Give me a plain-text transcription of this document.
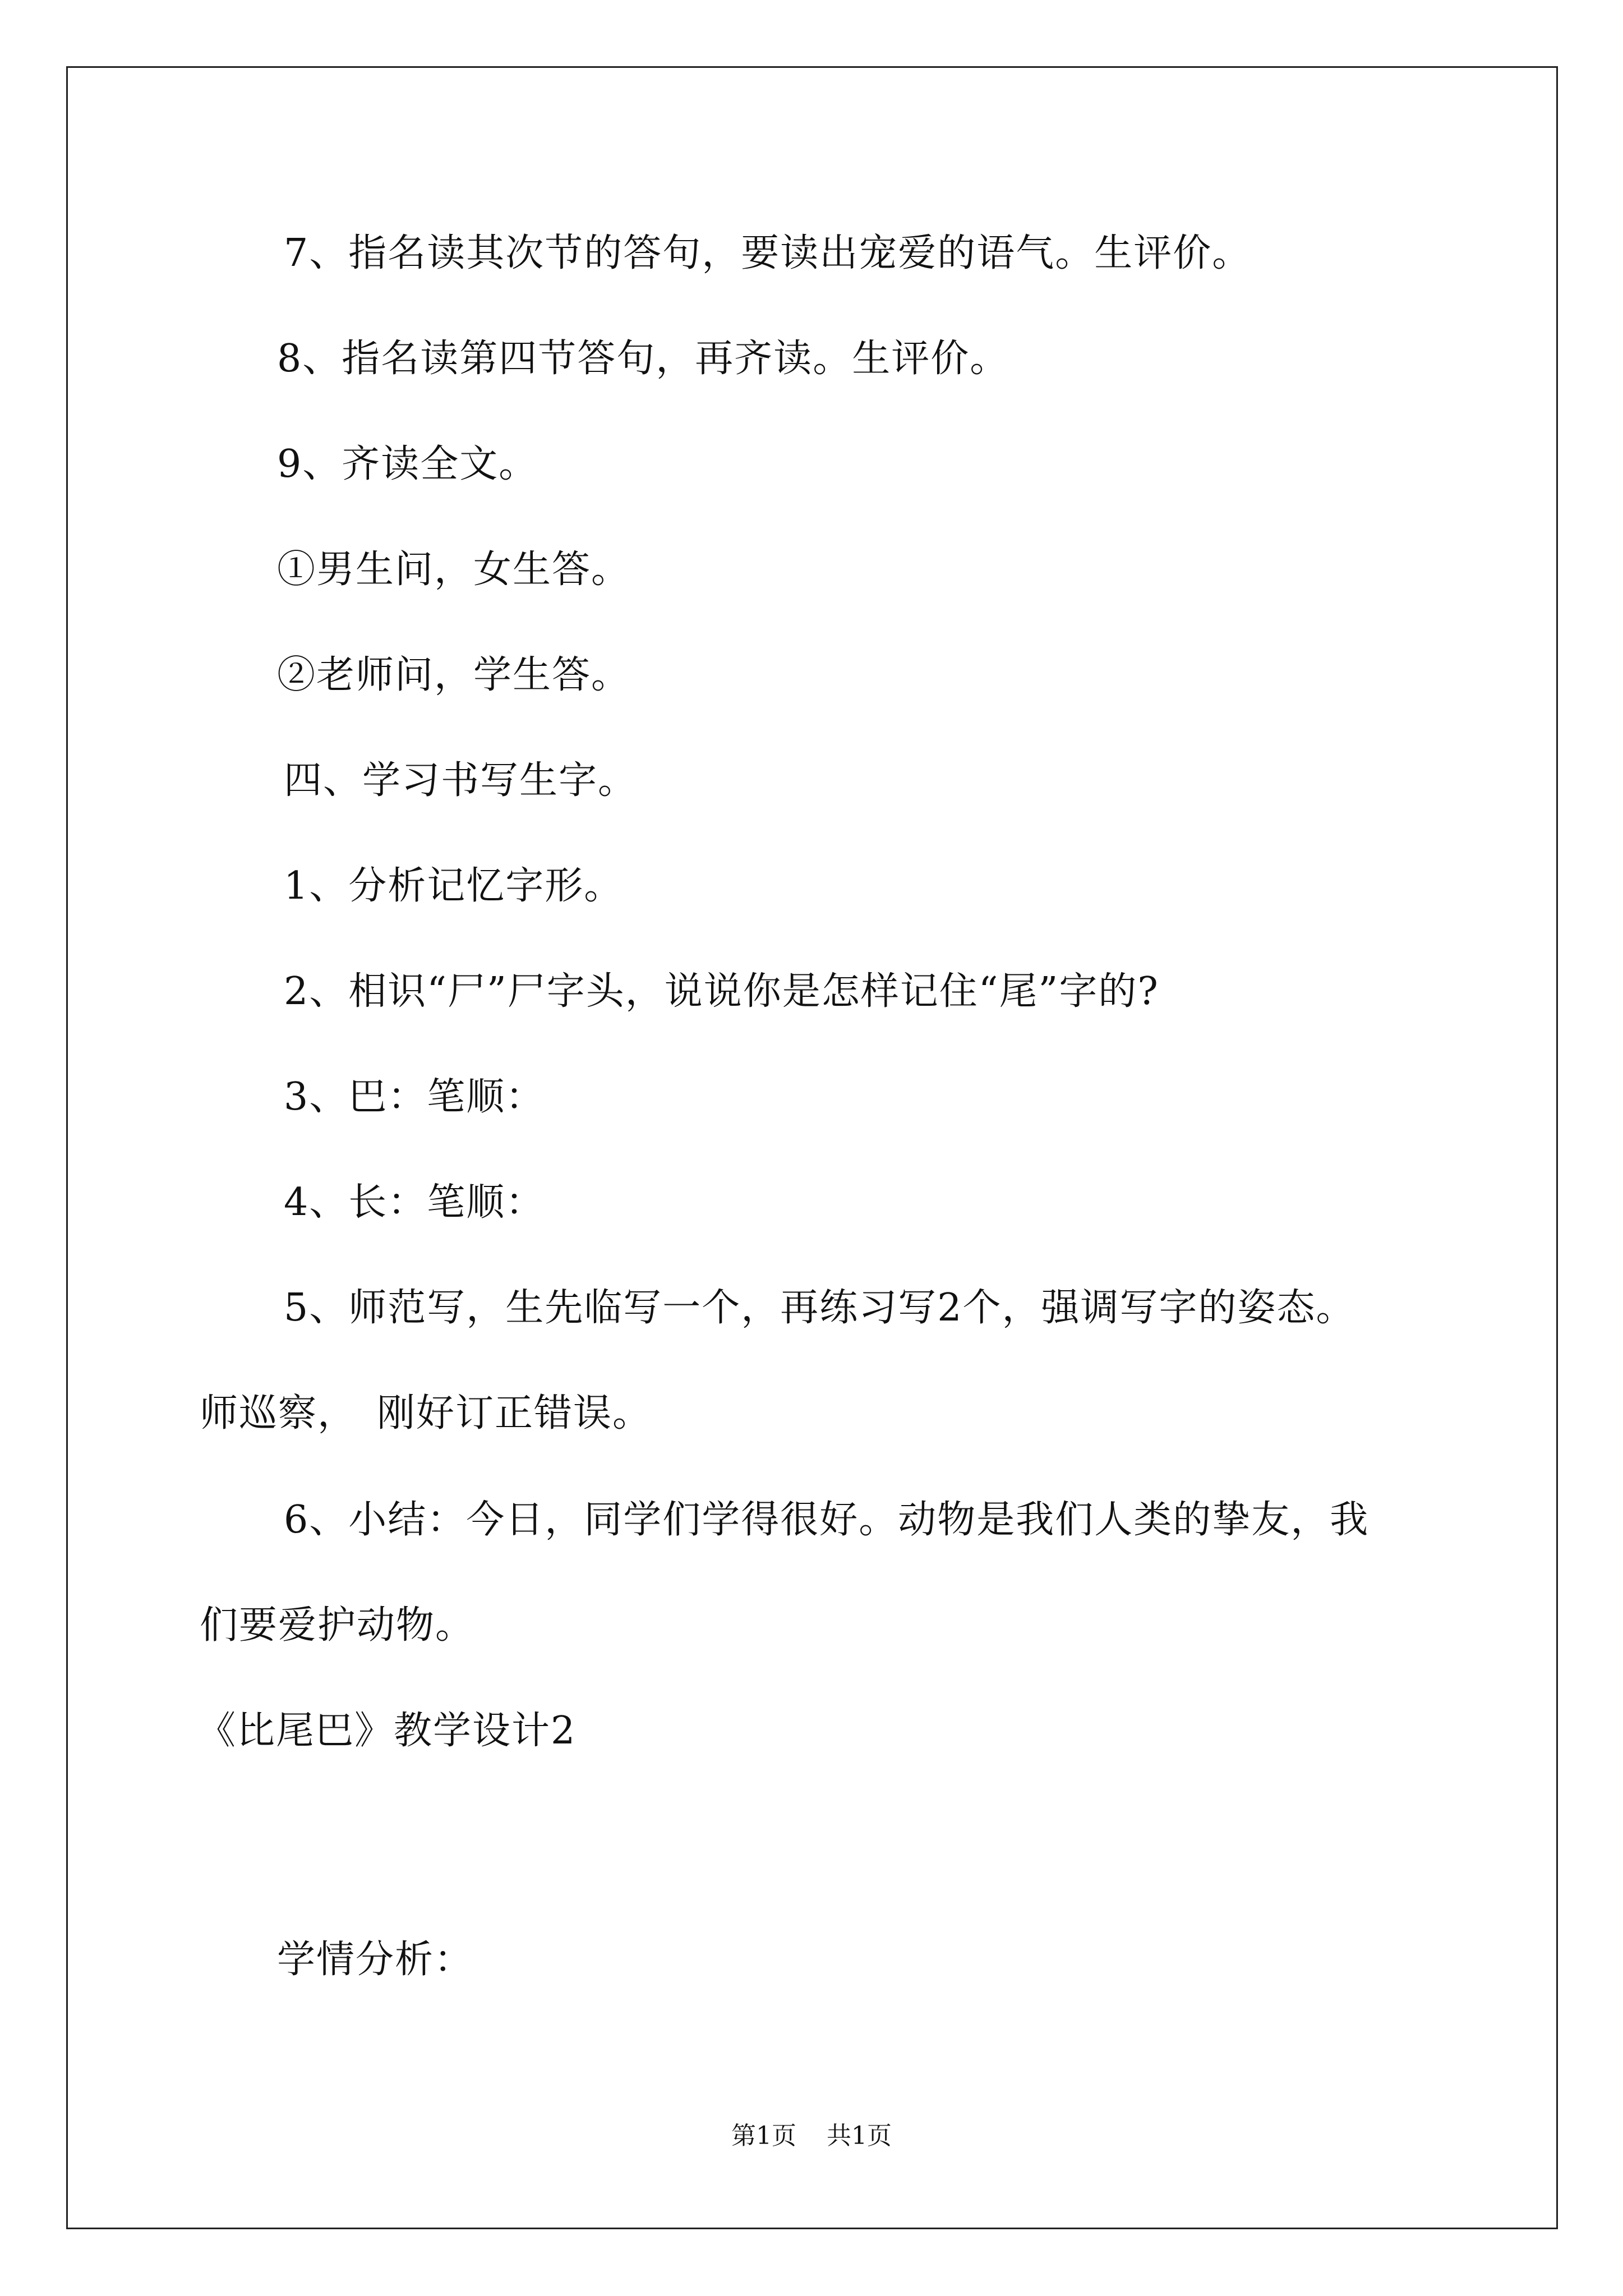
7、指名读其次节的答句，要读出宠爱的语气。生评价。
8、指名读第四节答句，再齐读。生评价。
9、齐读全文。
①男生问，女生答。
②老师问，学生答。
四、学习书写生字。
1、分析记忆字形。
2、相识“尸”尸字头，说说你是怎样记住“尾”字的?
3、巴：笔顺：
4、长：笔顺：
5、师范写，生先临写一个，再练习写2个，强调写字的姿态。
师巡察，　刚好订正错误。
6、小结：今日，同学们学得很好。动物是我们人类的挚友，我
们要爱护动物。
《比尾巴》教学设计2
学情分析：
第1页 共1页
